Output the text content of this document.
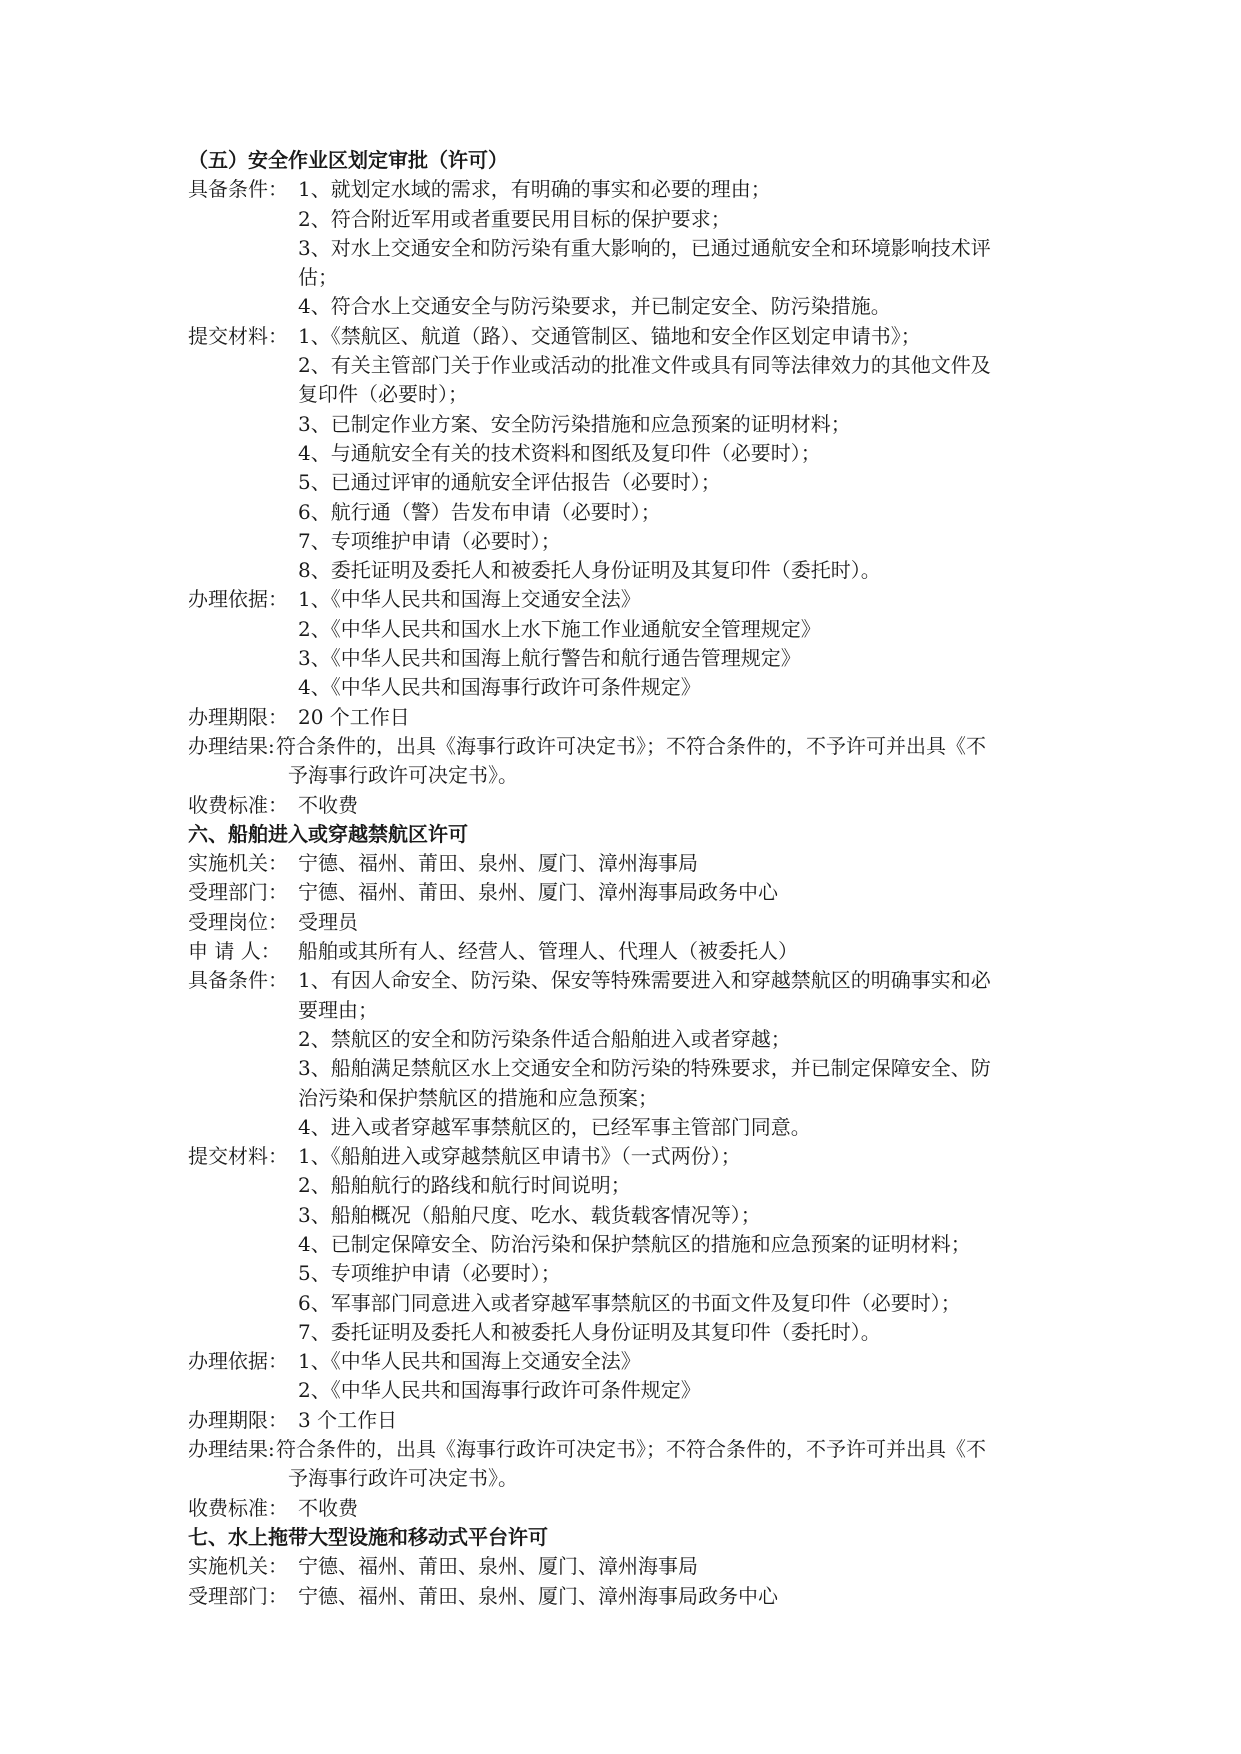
（五）安全作业区划定审批（许可）
具备条件： 1、就划定水域的需求，有明确的事实和必要的理由；
2、符合附近军用或者重要民用目标的保护要求；
3、对水上交通安全和防污染有重大影响的，已通过通航安全和环境影响技术评
估；
4、符合水上交通安全与防污染要求，并已制定安全、防污染措施。
提交材料： 1、《禁航区、航道（路）、交通管制区、锚地和安全作区划定申请书》；
2、有关主管部门关于作业或活动的批准文件或具有同等法律效力的其他文件及
复印件（必要时）；
3、已制定作业方案、安全防污染措施和应急预案的证明材料；
4、与通航安全有关的技术资料和图纸及复印件（必要时）；
5、已通过评审的通航安全评估报告（必要时）；
6、航行通（警）告发布申请（必要时）；
7、专项维护申请（必要时）；
8、委托证明及委托人和被委托人身份证明及其复印件（委托时）。
办理依据： 1、《中华人民共和国海上交通安全法》
2、《中华人民共和国水上水下施工作业通航安全管理规定》
3、《中华人民共和国海上航行警告和航行通告管理规定》
4、《中华人民共和国海事行政许可条件规定》
办理期限： 20 个工作日
办理结果: 符合条件的，出具《海事行政许可决定书》；不符合条件的，不予许可并出具《不
予海事行政许可决定书》。
收费标准： 不收费
六、船舶进入或穿越禁航区许可
实施机关： 宁德、福州、莆田、泉州、厦门、漳州海事局
受理部门： 宁德、福州、莆田、泉州、厦门、漳州海事局政务中心
受理岗位： 受理员
申 请 人： 船舶或其所有人、经营人、管理人、代理人（被委托人）
具备条件： 1、有因人命安全、防污染、保安等特殊需要进入和穿越禁航区的明确事实和必
要理由；
2、禁航区的安全和防污染条件适合船舶进入或者穿越；
3、船舶满足禁航区水上交通安全和防污染的特殊要求，并已制定保障安全、防
治污染和保护禁航区的措施和应急预案；
4、进入或者穿越军事禁航区的，已经军事主管部门同意。
提交材料： 1、《船舶进入或穿越禁航区申请书》（一式两份）；
2、船舶航行的路线和航行时间说明；
3、船舶概况（船舶尺度、吃水、载货载客情况等）；
4、已制定保障安全、防治污染和保护禁航区的措施和应急预案的证明材料；
5、专项维护申请（必要时）；
6、军事部门同意进入或者穿越军事禁航区的书面文件及复印件（必要时）；
7、委托证明及委托人和被委托人身份证明及其复印件（委托时）。
办理依据： 1、《中华人民共和国海上交通安全法》
2、《中华人民共和国海事行政许可条件规定》
办理期限： 3 个工作日
办理结果: 符合条件的，出具《海事行政许可决定书》；不符合条件的，不予许可并出具《不
予海事行政许可决定书》。
收费标准： 不收费
七、水上拖带大型设施和移动式平台许可
实施机关： 宁德、福州、莆田、泉州、厦门、漳州海事局
受理部门： 宁德、福州、莆田、泉州、厦门、漳州海事局政务中心
